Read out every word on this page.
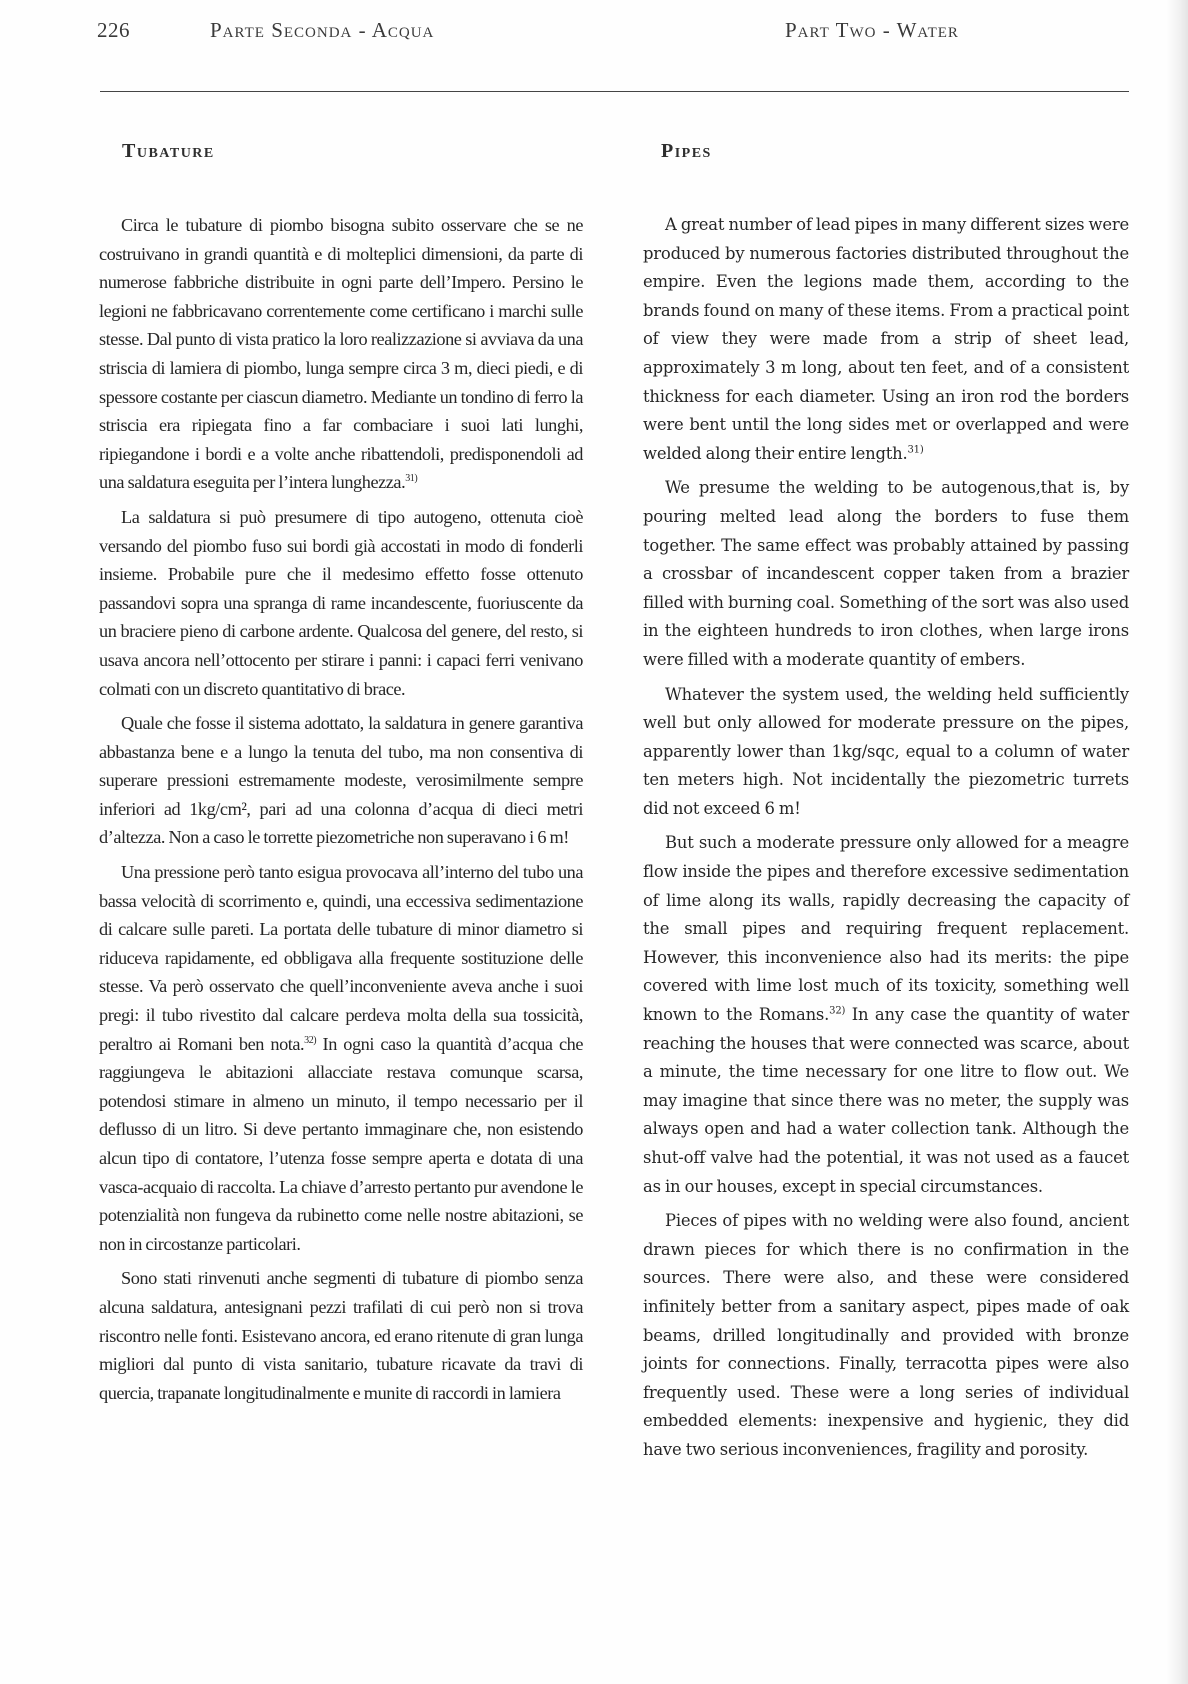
226	Parte Seconda - Acqua	Part Two - Water
Tubature

Circa le tubature di piombo bisogna subito osservare che se ne costruivano in grandi quantità e di molteplici dimensioni, da parte di numerose fabbriche distribuite in ogni parte dell’Impero. Persino le legioni ne fabbricavano correntemente come certificano i marchi sulle stesse. Dal punto di vista pratico la loro realizzazione si avviava da una striscia di lamiera di piombo, lunga sempre circa 3 m, dieci piedi, e di spessore costante per ciascun diametro. Mediante un tondino di ferro la striscia era ripiegata fino a far combaciare i suoi lati lunghi, ripiegandone i bordi e a volte anche ribattendoli, predisponendoli ad una saldatura eseguita per l’intera lunghezza.$^{31)}$

La saldatura si può presumere di tipo autogeno, ottenuta cioè versando del piombo fuso sui bordi già accostati in modo di fonderli insieme. Probabile pure che il medesimo effetto fosse ottenuto passandovi sopra una spranga di rame incandescente, fuoriuscente da un braciere pieno di carbone ardente. Qualcosa del genere, del resto, si usava ancora nell’ottocento per stirare i panni: i capaci ferri venivano colmati con un discreto quantitativo di brace.

Quale che fosse il sistema adottato, la saldatura in genere garantiva abbastanza bene e a lungo la tenuta del tubo, ma non consentiva di superare pressioni estremamente modeste, verosimilmente sempre inferiori ad 1kg/cm², pari ad una colonna d’acqua di dieci metri d’altezza. Non a caso le torrette piezometriche non superavano i 6 m!

Una pressione però tanto esigua provocava all’interno del tubo una bassa velocità di scorrimento e, quindi, una eccessiva sedimentazione di calcare sulle pareti. La portata delle tubature di minor diametro si riduceva rapidamente, ed obbligava alla frequente sostituzione delle stesse. Va però osservato che quell’inconveniente aveva anche i suoi pregi: il tubo rivestito dal calcare perdeva molta della sua tossicità, peraltro ai Romani ben nota.$^{32)}$ In ogni caso la quantità d’acqua che raggiungeva le abitazioni allacciate restava comunque scarsa, potendosi stimare in almeno un minuto, il tempo necessario per il deflusso di un litro. Si deve pertanto immaginare che, non esistendo alcun tipo di contatore, l’utenza fosse sempre aperta e dotata di una vasca-acquaio di raccolta. La chiave d’arresto pertanto pur avendone le potenzialità non fungeva da rubinetto come nelle nostre abitazioni, se non in circostanze particolari.

Sono stati rinvenuti anche segmenti di tubature di piombo senza alcuna saldatura, antesignani pezzi trafilati di cui però non si trova riscontro nelle fonti. Esistevano ancora, ed erano ritenute di gran lunga migliori dal punto di vista sanitario, tubature ricavate da travi di quercia, trapanate longitudinalmente e munite di raccordi in lamiera

Pipes

A great number of lead pipes in many different sizes were produced by numerous factories distributed throughout the empire. Even the legions made them, according to the brands found on many of these items. From a practical point of view they were made from a strip of sheet lead, approximately 3 m long, about ten feet, and of a consistent thickness for each diameter. Using an iron rod the borders were bent until the long sides met or overlapped and were welded along their entire length.$^{31)}$

We presume the welding to be autogenous,that is, by pouring melted lead along the borders to fuse them together. The same effect was probably attained by passing a crossbar of incandescent copper taken from a brazier filled with burning coal. Something of the sort was also used in the eighteen hundreds to iron clothes, when large irons were filled with a moderate quantity of embers.

Whatever the system used, the welding held sufficiently well but only allowed for moderate pressure on the pipes, apparently lower than 1kg/sqc, equal to a column of water ten meters high. Not incidentally the piezometric turrets did not exceed 6 m!

But such a moderate pressure only allowed for a meagre flow inside the pipes and therefore excessive sedimentation of lime along its walls, rapidly decreasing the capacity of the small pipes and requiring frequent replacement. However, this inconvenience also had its merits: the pipe covered with lime lost much of its toxicity, something well known to the Romans.$^{32)}$ In any case the quantity of water reaching the houses that were connected was scarce, about a minute, the time necessary for one litre to flow out. We may imagine that since there was no meter, the supply was always open and had a water collection tank. Although the shut-off valve had the potential, it was not used as a faucet as in our houses, except in special circumstances.

Pieces of pipes with no welding were also found, ancient drawn pieces for which there is no confirmation in the sources. There were also, and these were considered infinitely better from a sanitary aspect, pipes made of oak beams, drilled longitudinally and provided with bronze joints for connections. Finally, terracotta pipes were also frequently used. These were a long series of individual embedded elements: inexpensive and hygienic, they did have two serious inconveniences, fragility and porosity.
